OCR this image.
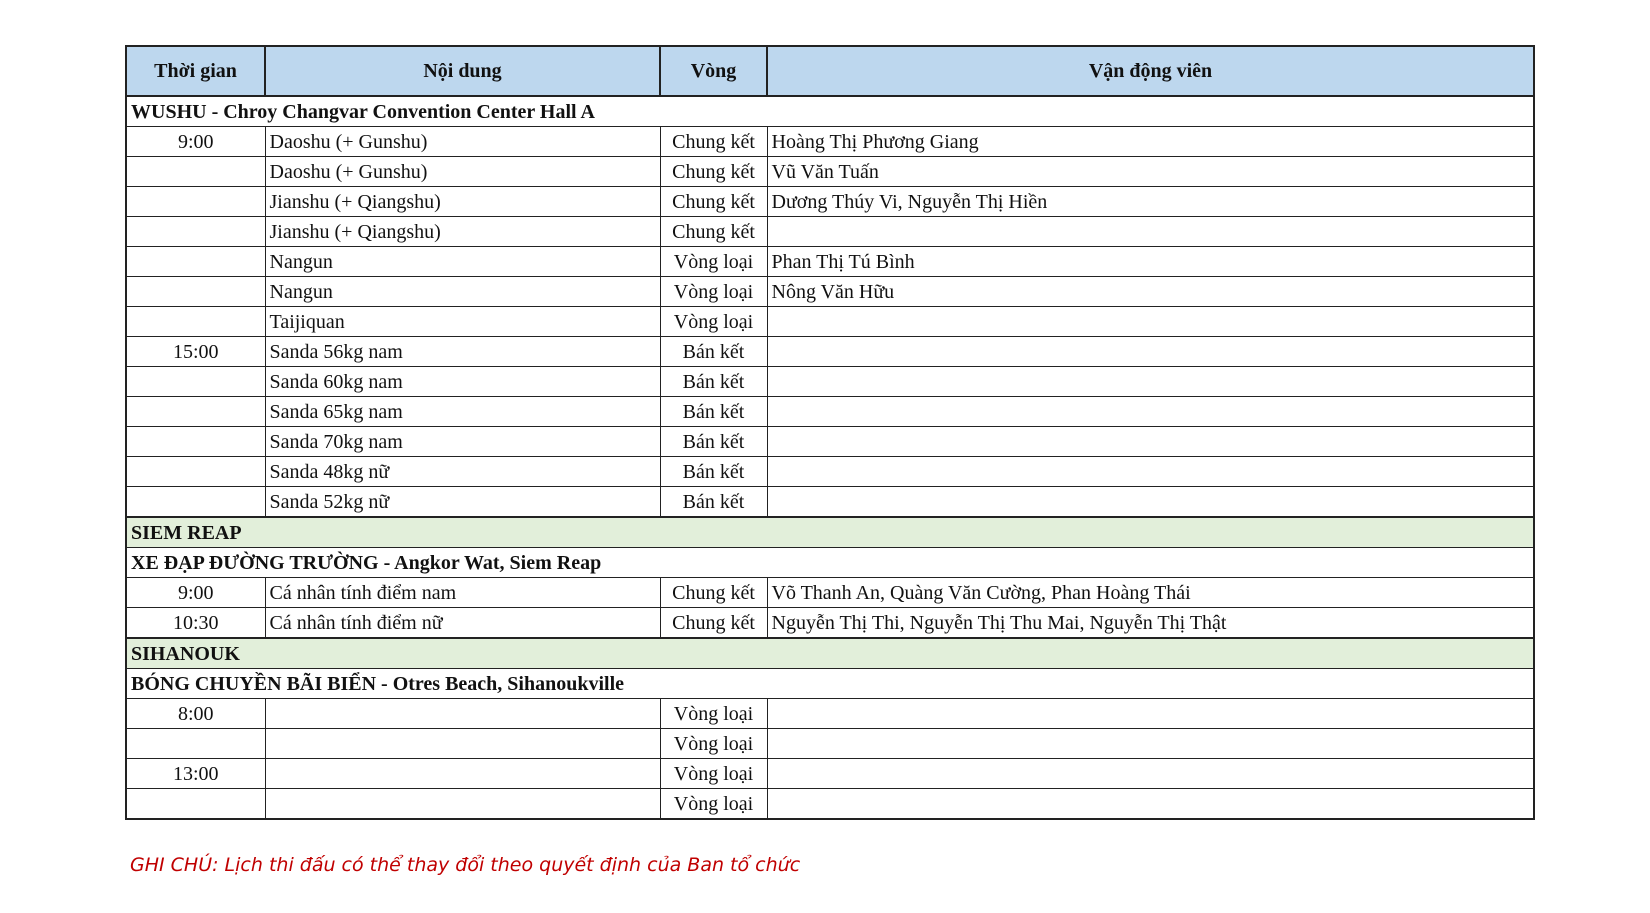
Thời gian	Nội dung	Vòng	Vận động viên
WUSHU - Chroy Changvar Convention Center Hall A			
9:00	Daoshu (+ Gunshu)	Chung kết	Hoàng Thị Phương Giang
	Daoshu (+ Gunshu)	Chung kết	Vũ Văn Tuấn
	Jianshu (+ Qiangshu)	Chung kết	Dương Thúy Vi, Nguyễn Thị Hiền
	Jianshu (+ Qiangshu)	Chung kết	
	Nangun	Vòng loại	Phan Thị Tú Bình
	Nangun	Vòng loại	Nông Văn Hữu
	Taijiquan	Vòng loại	
15:00	Sanda 56kg nam	Bán kết	
	Sanda 60kg nam	Bán kết	
	Sanda 65kg nam	Bán kết	
	Sanda 70kg nam	Bán kết	
	Sanda 48kg nữ	Bán kết	
	Sanda 52kg nữ	Bán kết	
SIEM REAP			
XE ĐẠP ĐƯỜNG TRƯỜNG - Angkor Wat, Siem Reap			
9:00	Cá nhân tính điểm nam	Chung kết	Võ Thanh An, Quàng Văn Cường, Phan Hoàng Thái
10:30	Cá nhân tính điểm nữ	Chung kết	Nguyễn Thị Thi, Nguyễn Thị Thu Mai, Nguyễn Thị Thật
SIHANOUK			
BÓNG CHUYỀN BÃI BIỂN - Otres Beach, Sihanoukville			
8:00		Vòng loại	
		Vòng loại	
13:00		Vòng loại	
		Vòng loại	
GHI CHÚ: Lịch thi đấu có thể thay đổi theo quyết định của Ban tổ chức
